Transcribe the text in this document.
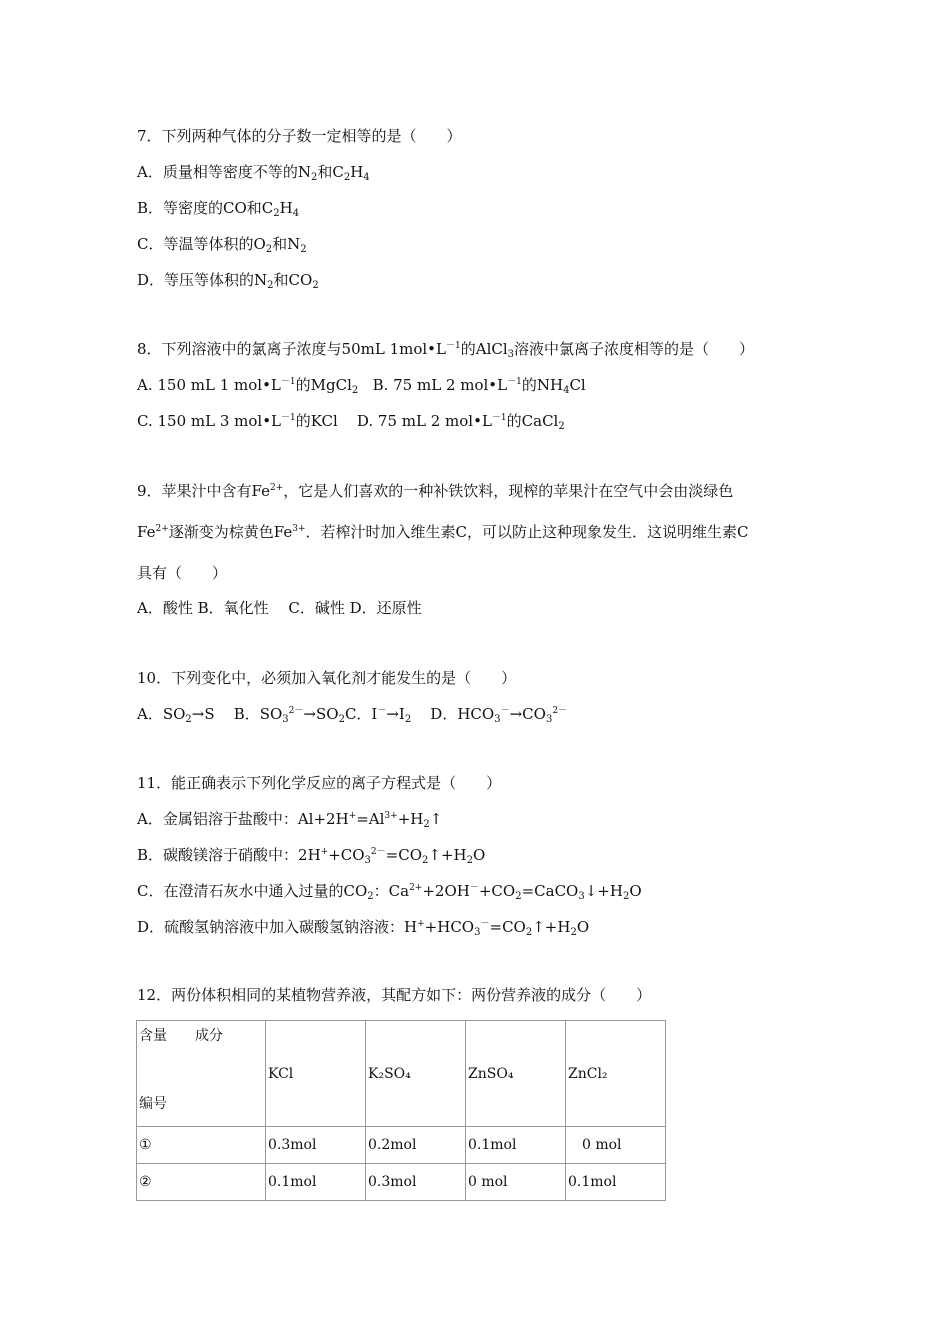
7．下列两种气体的分子数一定相等的是（　　）
A．质量相等密度不等的$N_2$和$C_2H_4$
B．等密度的CO和$C_2H_4$
C．等温等体积的$O_2$和$N_2$
D．等压等体积的$N_2$和$CO_2$
8．下列溶液中的氯离子浓度与50mL $1mol•L^{-1}$的AlCl$_3$溶液中氯离子浓度相等的是（　　）
A. 150 mL 1 $mol•L^{-1}$的MgCl$_2$ B. 75 mL 2 $mol•L^{-1}$的$NH_4Cl$
C. 150 mL 3 $mol•L^{-1}$的KCl    D. 75 mL 2 $mol•L^{-1}$的CaCl$_2$
9．苹果汁中含有$Fe^{2+}$，它是人们喜欢的一种补铁饮料，现榨的苹果汁在空气中会由淡绿色
$Fe^{2+}$逐渐变为棕黄色$Fe^{3+}$．若榨汁时加入维生素C，可以防止这种现象发生．这说明维生素C
具有（　　）
A．酸性 B．氧化性　 C．碱性 D．还原性
10．下列变化中，必须加入氧化剂才能发生的是（　　）
A．$SO_2\to S$    B．$SO_3^{2-}\to SO_2C$．$I^-\to I_2$    D．$HCO_3^-\to CO_3^{2-}$
11．能正确表示下列化学反应的离子方程式是（　　）
A．金属铝溶于盐酸中：$Al+2H^+=Al^{3+}+H_2↑$
B．碳酸镁溶于硝酸中：$2H^++CO_3^{2-}=CO_2↑+H_2O$
C．在澄清石灰水中通入过量的$CO_2$：$Ca^{2+}+2OH^-+CO_2=CaCO_3↓+H_2O$
D．硫酸氢钠溶液中加入碳酸氢钠溶液：$H^++HCO_3^-=CO_2↑+H_2O$
12．两份体积相同的某植物营养液，其配方如下：两份营养液的成分（　　）
含量　　成分
编号	KCl	K₂SO₄	ZnSO₄	ZnCl₂
①	0.3mol	0.2mol	0.1mol	0 mol
②	0.1mol	0.3mol	0 mol	0.1mol
